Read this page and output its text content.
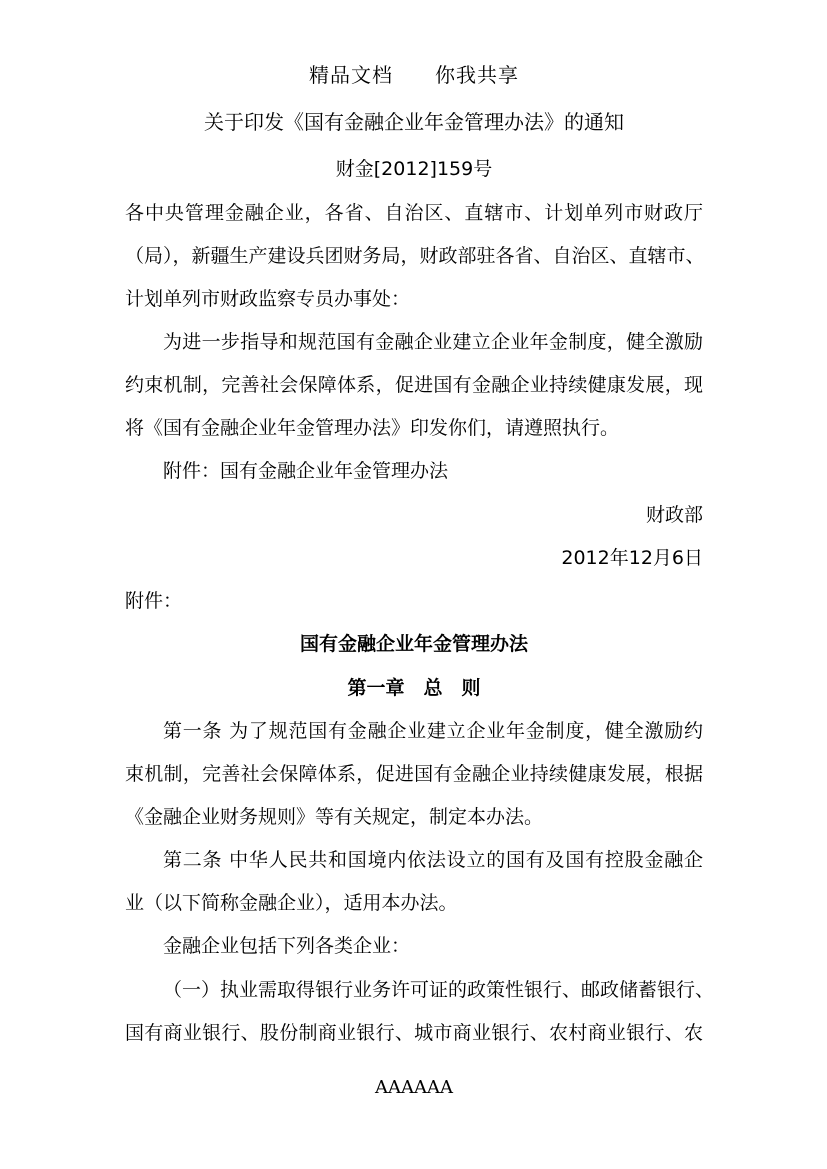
精品文档 你我共享
关于印发《国有金融企业年金管理办法》的通知
财金[2012]159号
各中央管理金融企业，各省、自治区、直辖市、计划单列市财政厅
（局），新疆生产建设兵团财务局，财政部驻各省、自治区、直辖市、
计划单列市财政监察专员办事处：
为进一步指导和规范国有金融企业建立企业年金制度，健全激励
约束机制，完善社会保障体系，促进国有金融企业持续健康发展，现
将《国有金融企业年金管理办法》印发你们，请遵照执行。
附件：国有金融企业年金管理办法
财政部
2012年12月6日
附件：
国有金融企业年金管理办法
第一章　总　则
第一条 为了规范国有金融企业建立企业年金制度，健全激励约
束机制，完善社会保障体系，促进国有金融企业持续健康发展，根据
《金融企业财务规则》等有关规定，制定本办法。
第二条 中华人民共和国境内依法设立的国有及国有控股金融企
业（以下简称金融企业），适用本办法。
金融企业包括下列各类企业：
（一）执业需取得银行业务许可证的政策性银行、邮政储蓄银行、
国有商业银行、股份制商业银行、城市商业银行、农村商业银行、农
AAAAAA
